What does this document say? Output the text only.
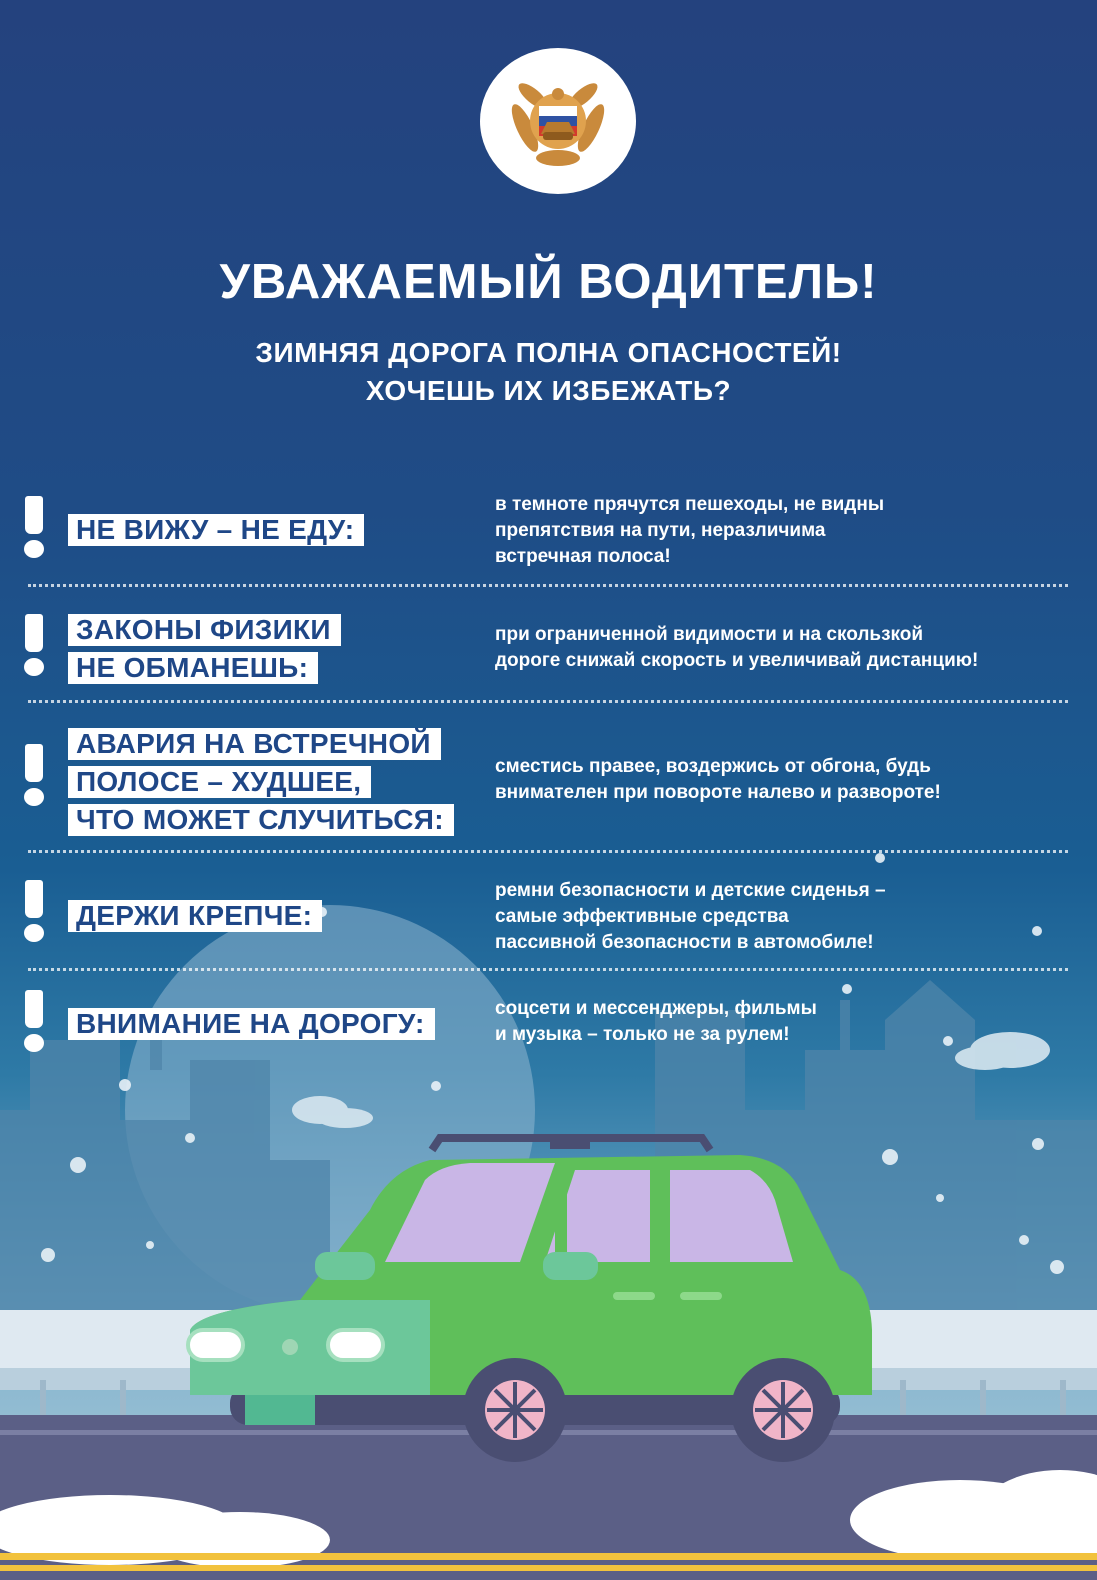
УВАЖАЕМЫЙ ВОДИТЕЛЬ!
ЗИМНЯЯ ДОРОГА ПОЛНА ОПАСНОСТЕЙ!
ХОЧЕШЬ ИХ ИЗБЕЖАТЬ?
НЕ ВИЖУ – НЕ ЕДУ:
в темноте прячутся пешеходы, не видны
препятствия на пути, неразличима
встречная полоса!
ЗАКОНЫ ФИЗИКИ
НЕ ОБМАНЕШЬ:
при ограниченной видимости и на скользкой
дороге снижай скорость и увеличивай дистанцию!
АВАРИЯ НА ВСТРЕЧНОЙ
ПОЛОСЕ – ХУДШЕЕ,
ЧТО МОЖЕТ СЛУЧИТЬСЯ:
сместись правее, воздержись от обгона, будь
внимателен при повороте налево и развороте!
ДЕРЖИ КРЕПЧЕ:
ремни безопасности и детские сиденья –
самые эффективные средства
пассивной безопасности в автомобиле!
ВНИМАНИЕ НА ДОРОГУ:	соцсети и мессенджеры, фильмы
и музыка – только не за рулем!
